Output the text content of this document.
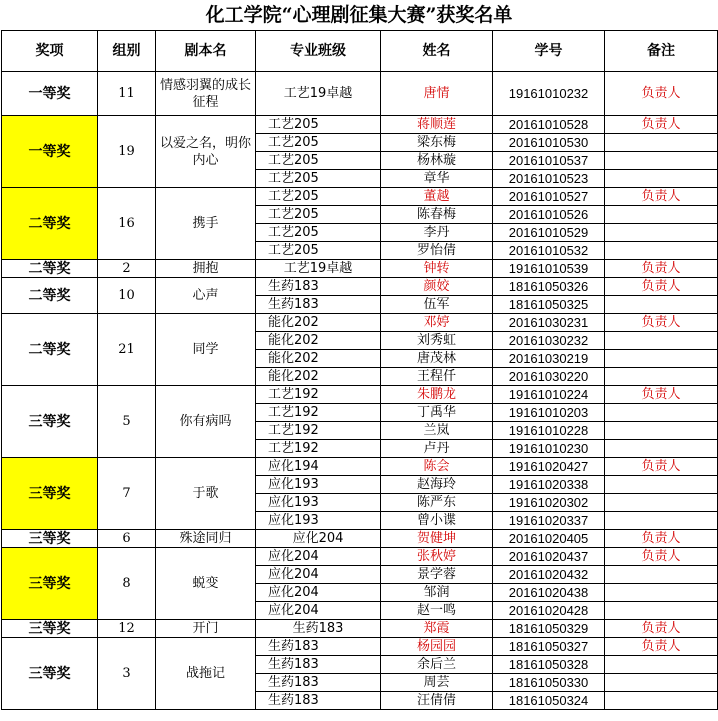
化工学院“心理剧征集大赛”获奖名单
奖项	组别	剧本名	专业班级	姓名	学号	备注
一等奖	11	情感羽翼的成长征程	工艺19卓越	唐情	19161010232	负责人
一等奖	19	以爱之名，明你内心	工艺205	蒋顺莲	20161010528	负责人
			工艺205	梁东梅	20161010530	
			工艺205	杨林璇	20161010537	
			工艺205	章华	20161010523	
二等奖	16	携手	工艺205	董越	20161010527	负责人
			工艺205	陈春梅	20161010526	
			工艺205	李丹	20161010529	
			工艺205	罗怡倩	20161010532	
二等奖	2	拥抱	工艺19卓越	钟转	19161010539	负责人
二等奖	10	心声	生药183	颜姣	18161050326	负责人
			生药183	伍军	18161050325	
二等奖	21	同学	能化202	邓婷	20161030231	负责人
			能化202	刘秀虹	20161030232	
			能化202	唐茂林	20161030219	
			能化202	王程仟	20161030220	
三等奖	5	你有病吗	工艺192	朱鹏龙	19161010224	负责人
			工艺192	丁禹华	19161010203	
			工艺192	兰岚	19161010228	
			工艺192	卢丹	19161010230	
三等奖	7	于歌	应化194	陈会	19161020427	负责人
			应化193	赵海玲	19161020338	
			应化193	陈严东	19161020302	
			应化193	曾小谍	19161020337	
三等奖	6	殊途同归	应化204	贺健坤	20161020405	负责人
三等奖	8	蜕变	应化204	张秋婷	20161020437	负责人
			应化204	景学蓉	20161020432	
			应化204	邹润	20161020438	
			应化204	赵一鸣	20161020428	
三等奖	12	开门	生药183	郑霞	18161050329	负责人
三等奖	3	战拖记	生药183	杨园园	18161050327	负责人
			生药183	余后兰	18161050328	
			生药183	周芸	18161050330	
			生药183	汪倩倩	18161050324	
